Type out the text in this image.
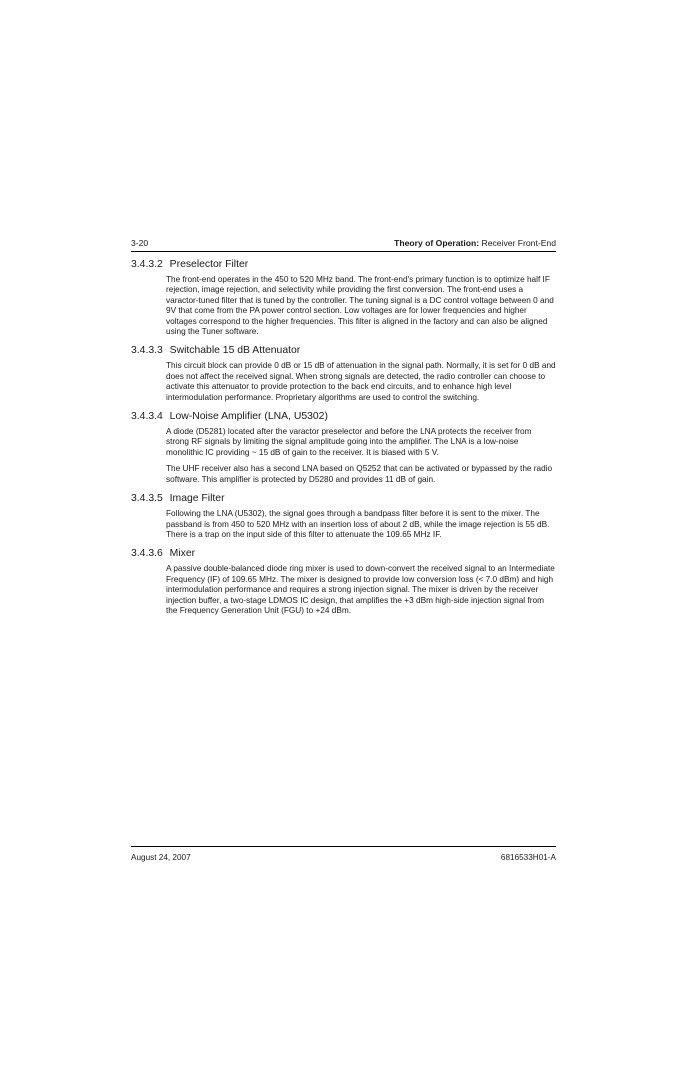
3-20	Theory of Operation: Receiver Front-End
3.4.3.2 Preselector Filter

The front-end operates in the 450 to 520 MHz band. The front-end's primary function is to optimize half IF rejection, image rejection, and selectivity while providing the first conversion. The front-end uses a varactor-tuned filter that is tuned by the controller. The tuning signal is a DC control voltage between 0 and 9V that come from the PA power control section. Low voltages are for lower frequencies and higher voltages correspond to the higher frequencies. This filter is aligned in the factory and can also be aligned using the Tuner software.

3.4.3.3 Switchable 15 dB Attenuator

This circuit block can provide 0 dB or 15 dB of attenuation in the signal path. Normally, it is set for 0 dB and does not affect the received signal. When strong signals are detected, the radio controller can choose to activate this attenuator to provide protection to the back end circuits, and to enhance high level intermodulation performance. Proprietary algorithms are used to control the switching.

3.4.3.4 Low-Noise Amplifier (LNA, U5302)

A diode (D5281) located after the varactor preselector and before the LNA protects the receiver from strong RF signals by limiting the signal amplitude going into the amplifier. The LNA is a low-noise monolithic IC providing ~ 15 dB of gain to the receiver. It is biased with 5 V.

The UHF receiver also has a second LNA based on Q5252 that can be activated or bypassed by the radio software. This amplifier is protected by D5280 and provides 11 dB of gain.

3.4.3.5 Image Filter

Following the LNA (U5302), the signal goes through a bandpass filter before it is sent to the mixer. The passband is from 450 to 520 MHz with an insertion loss of about 2 dB, while the image rejection is 55 dB. There is a trap on the input side of this filter to attenuate the 109.65 MHz IF.

3.4.3.6 Mixer

A passive double-balanced diode ring mixer is used to down-convert the received signal to an Intermediate Frequency (IF) of 109.65 MHz. The mixer is designed to provide low conversion loss (< 7.0 dBm) and high intermodulation performance and requires a strong injection signal. The mixer is driven by the receiver injection buffer, a two-stage LDMOS IC design, that amplifies the +3 dBm high-side injection signal from the Frequency Generation Unit (FGU) to +24 dBm.

August 24, 2007	6816533H01-A
